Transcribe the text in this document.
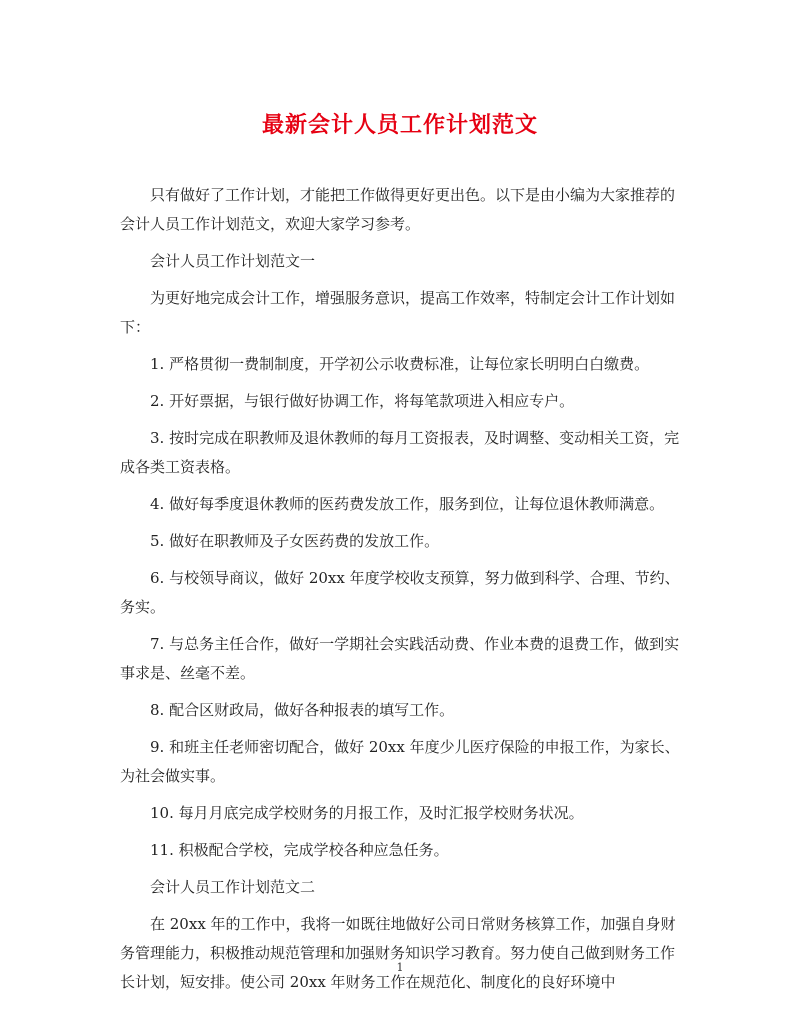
最新会计人员工作计划范文

只有做好了工作计划，才能把工作做得更好更出色。以下是由小编为大家推荐的会计人员工作计划范文，欢迎大家学习参考。

会计人员工作计划范文一

为更好地完成会计工作，增强服务意识，提高工作效率，特制定会计工作计划如下：

1. 严格贯彻一费制制度，开学初公示收费标准，让每位家长明明白白缴费。

2. 开好票据，与银行做好协调工作，将每笔款项进入相应专户。

3. 按时完成在职教师及退休教师的每月工资报表，及时调整、变动相关工资，完成各类工资表格。

4. 做好每季度退休教师的医药费发放工作，服务到位，让每位退休教师满意。

5. 做好在职教师及子女医药费的发放工作。

6. 与校领导商议，做好 20xx 年度学校收支预算，努力做到科学、合理、节约、务实。

7. 与总务主任合作，做好一学期社会实践活动费、作业本费的退费工作，做到实事求是、丝毫不差。

8. 配合区财政局，做好各种报表的填写工作。

9. 和班主任老师密切配合，做好 20xx 年度少儿医疗保险的申报工作，为家长、为社会做实事。

10. 每月月底完成学校财务的月报工作，及时汇报学校财务状况。

11. 积极配合学校，完成学校各种应急任务。

会计人员工作计划范文二

在 20xx 年的工作中，我将一如既往地做好公司日常财务核算工作，加强自身财务管理能力，积极推动规范管理和加强财务知识学习教育。努力使自己做到财务工作长计划，短安排。使公司 20xx 年财务工作在规范化、制度化的良好环境中

1
